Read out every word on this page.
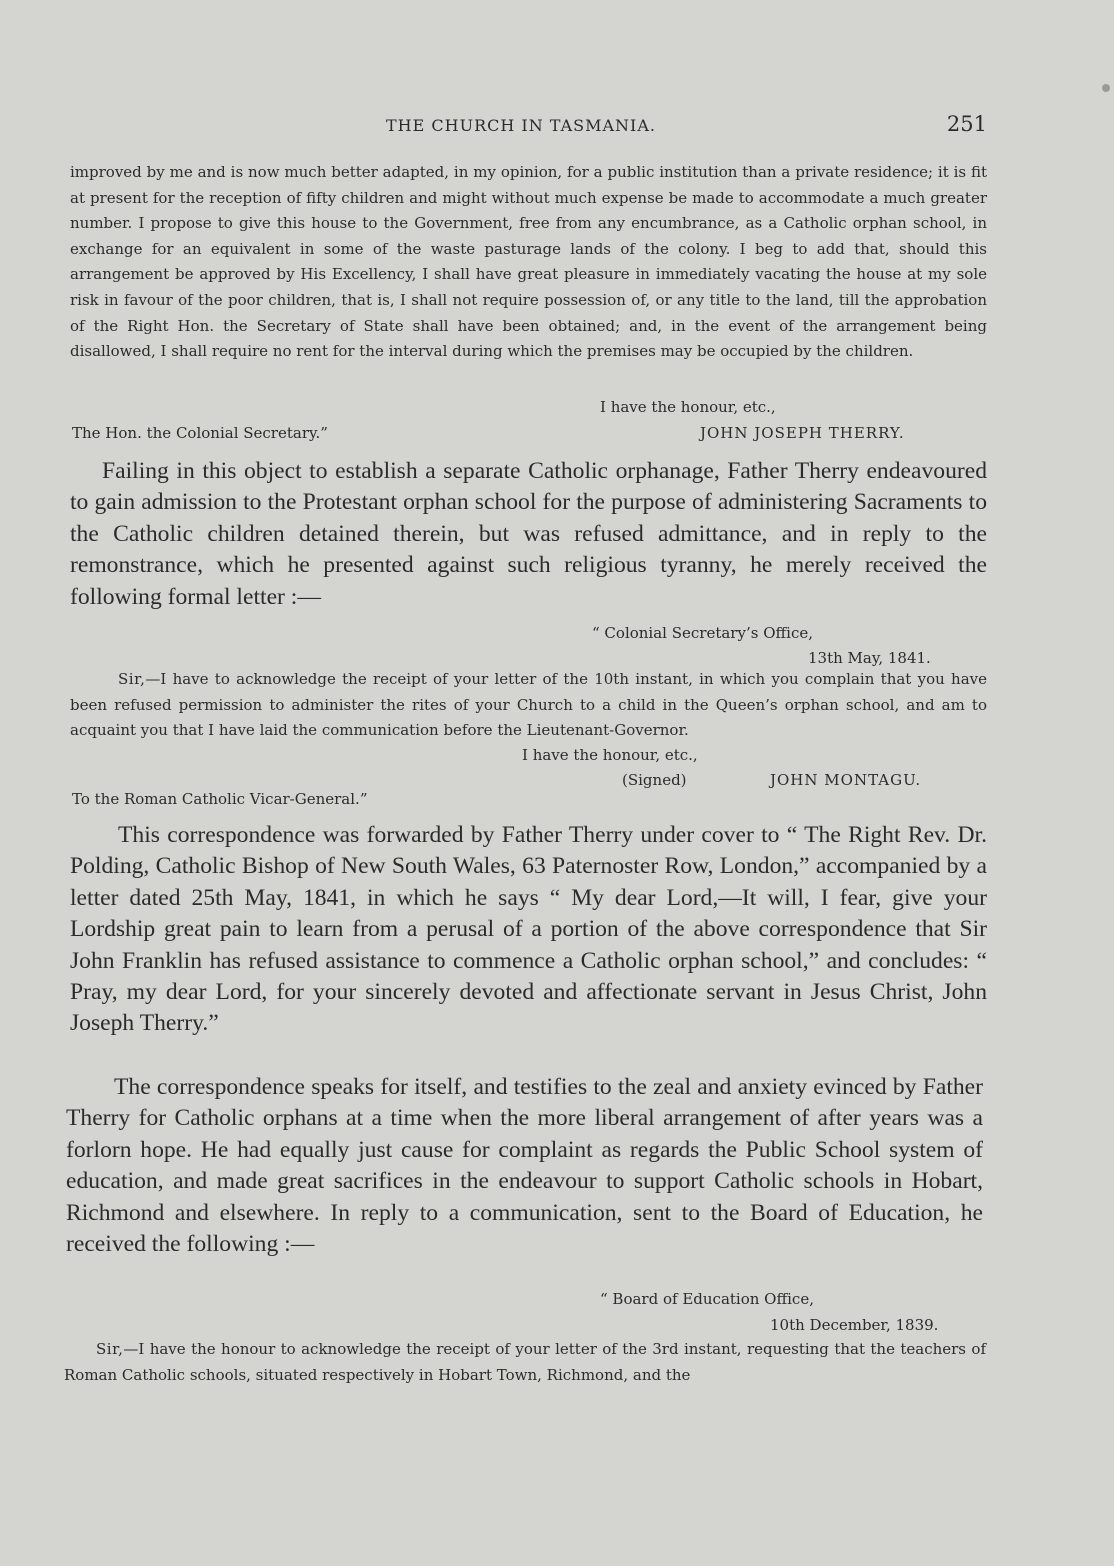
THE CHURCH IN TASMANIA.	251

improved by me and is now much better adapted, in my opinion, for a public institution than a private residence; it is fit at present for the reception of fifty children and might without much expense be made to accommodate a much greater number. I propose to give this house to the Government, free from any encumbrance, as a Catholic orphan school, in exchange for an equivalent in some of the waste pasturage lands of the colony. I beg to add that, should this arrangement be approved by His Excellency, I shall have great pleasure in immediately vacating the house at my sole risk in favour of the poor children, that is, I shall not require possession of, or any title to the land, till the approbation of the Right Hon. the Secretary of State shall have been obtained; and, in the event of the arrangement being disallowed, I shall require no rent for the interval during which the premises may be occupied by the children.

I have the honour, etc.,
The Hon. the Colonial Secretary.”	JOHN JOSEPH THERRY.

Failing in this object to establish a separate Catholic orphanage, Father Therry endeavoured to gain admission to the Protestant orphan school for the purpose of administering Sacraments to the Catholic children detained therein, but was refused admittance, and in reply to the remonstrance, which he presented against such religious tyranny, he merely received the following formal letter :—

“ Colonial Secretary’s Office,
13th May, 1841.

Sir,—I have to acknowledge the receipt of your letter of the 10th instant, in which you complain that you have been refused permission to administer the rites of your Church to a child in the Queen’s orphan school, and am to acquaint you that I have laid the communication before the Lieutenant-Governor.

I have the honour, etc.,
(Signed)	JOHN MONTAGU.
To the Roman Catholic Vicar-General.”

This correspondence was forwarded by Father Therry under cover to “ The Right Rev. Dr. Polding, Catholic Bishop of New South Wales, 63 Paternoster Row, London,” accompanied by a letter dated 25th May, 1841, in which he says “ My dear Lord,—It will, I fear, give your Lordship great pain to learn from a perusal of a portion of the above correspondence that Sir John Franklin has refused assistance to commence a Catholic orphan school,” and concludes: “ Pray, my dear Lord, for your sincerely devoted and affectionate servant in Jesus Christ, John Joseph Therry.”

The correspondence speaks for itself, and testifies to the zeal and anxiety evinced by Father Therry for Catholic orphans at a time when the more liberal arrangement of after years was a forlorn hope. He had equally just cause for complaint as regards the Public School system of education, and made great sacrifices in the endeavour to support Catholic schools in Hobart, Richmond and elsewhere. In reply to a communication, sent to the Board of Education, he received the following :—

“ Board of Education Office,
10th December, 1839.

Sir,—I have the honour to acknowledge the receipt of your letter of the 3rd instant, requesting that the teachers of Roman Catholic schools, situated respectively in Hobart Town, Richmond, and the
